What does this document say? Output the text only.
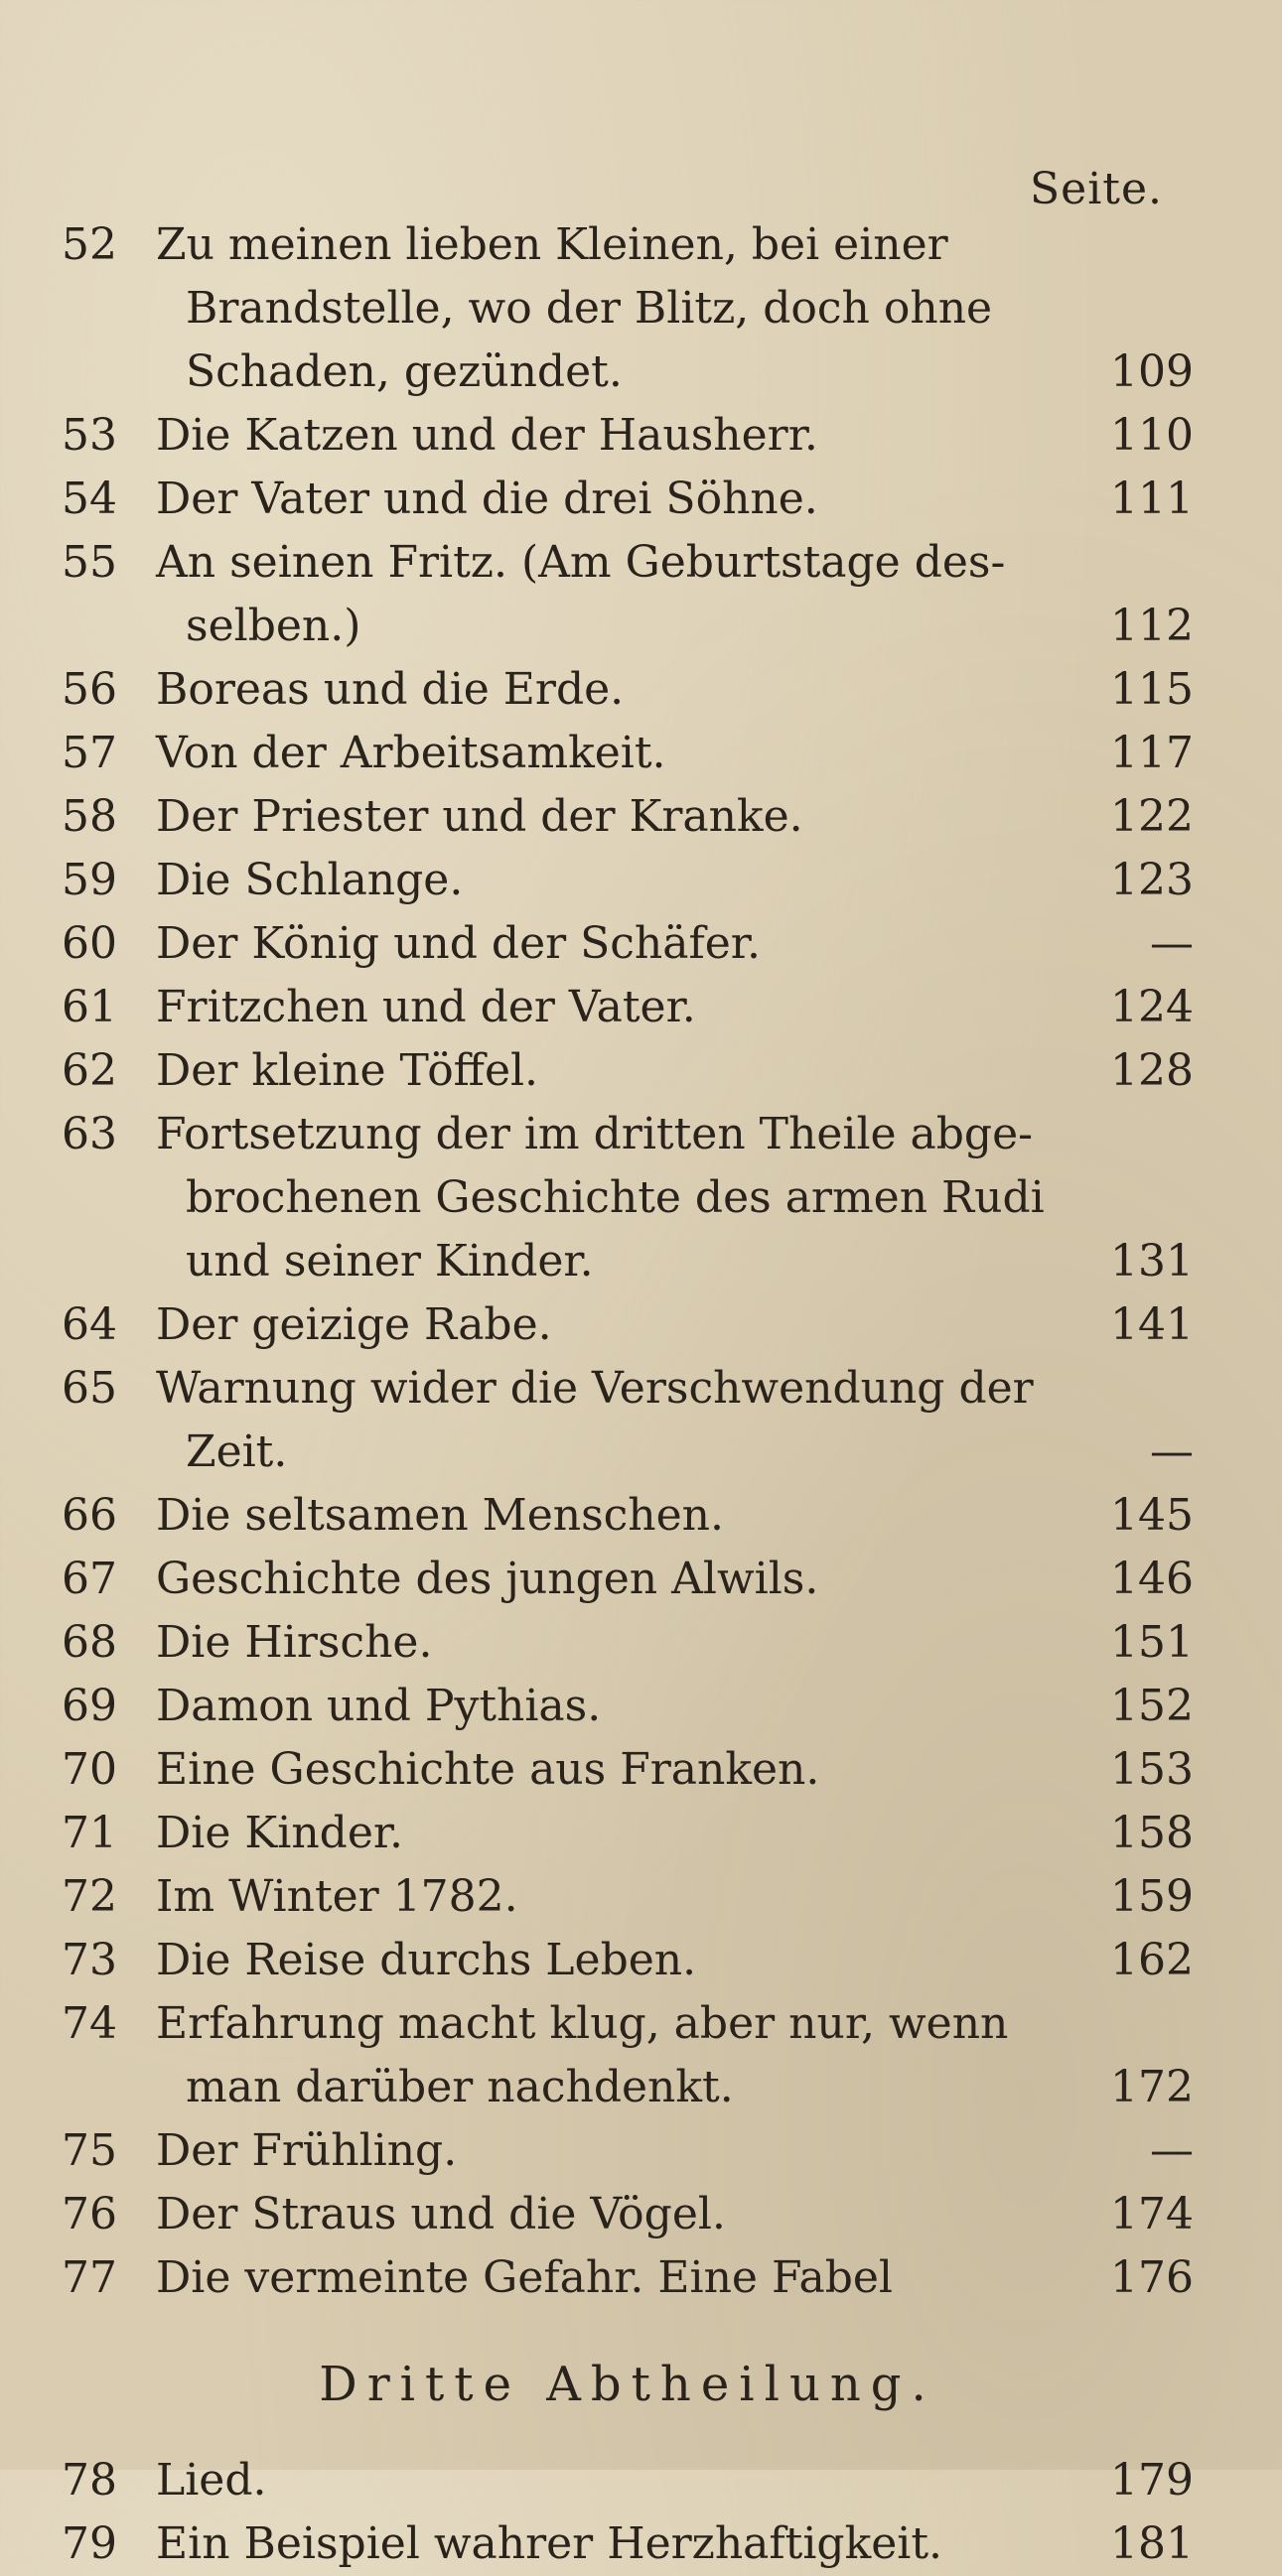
Seite.
52 Zu meinen lieben Kleinen, bei einer
Brandstelle, wo der Blitz, doch ohne
Schaden, gezündet.	109
53 Die Katzen und der Hausherr.	110
54 Der Vater und die drei Söhne.	111
55 An seinen Fritz. (Am Geburtstage des-
selben.)	112
56 Boreas und die Erde.	115
57 Von der Arbeitsamkeit.	117
58 Der Priester und der Kranke.	122
59 Die Schlange.	123
60 Der König und der Schäfer.	—
61 Fritzchen und der Vater.	124
62 Der kleine Töffel.	128
63 Fortsetzung der im dritten Theile abge-
brochenen Geschichte des armen Rudi
und seiner Kinder.	131
64 Der geizige Rabe.	141
65 Warnung wider die Verschwendung der
Zeit.	—
66 Die seltsamen Menschen.	145
67 Geschichte des jungen Alwils.	146
68 Die Hirsche.	151
69 Damon und Pythias.	152
70 Eine Geschichte aus Franken.	153
71 Die Kinder.	158
72 Im Winter 1782.	159
73 Die Reise durchs Leben.	162
74 Erfahrung macht klug, aber nur, wenn
man darüber nachdenkt.	172
75 Der Frühling.	—
76 Der Straus und die Vögel.	174
77 Die vermeinte Gefahr. Eine Fabel	176
Dritte Abtheilung.
78 Lied.	179
79 Ein Beispiel wahrer Herzhaftigkeit.	181
